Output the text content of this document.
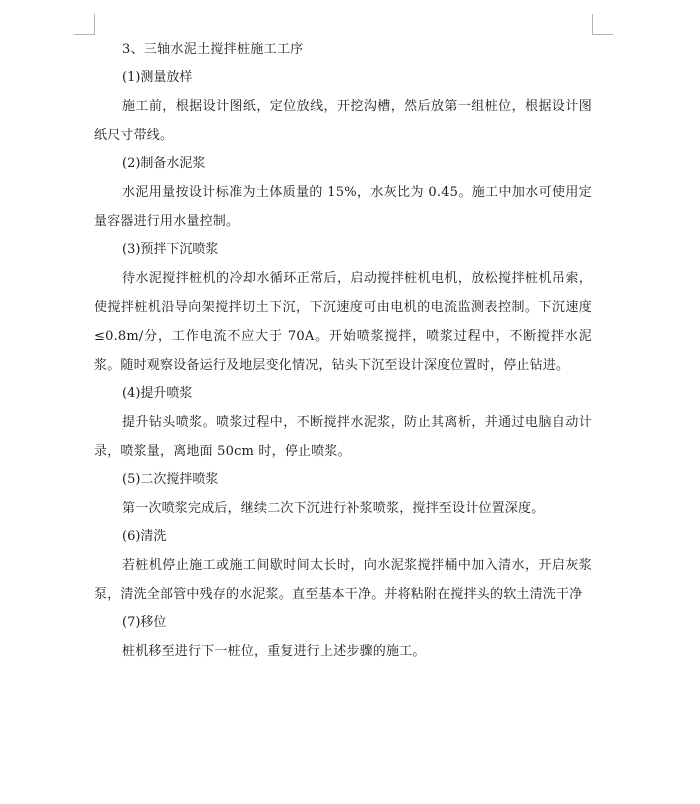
3、三轴水泥土搅拌桩施工工序

(1)测量放样

施工前，根据设计图纸，定位放线，开挖沟槽，然后放第一组桩位，根据设计图纸尺寸带线。

(2)制备水泥浆

水泥用量按设计标准为土体质量的 15%，水灰比为 0.45。施工中加水可使用定量容器进行用水量控制。

(3)预拌下沉喷浆

待水泥搅拌桩机的冷却水循环正常后，启动搅拌桩机电机，放松搅拌桩机吊索，使搅拌桩机沿导向架搅拌切土下沉，下沉速度可由电机的电流监测表控制。下沉速度≤0.8m/分，工作电流不应大于 70A。开始喷浆搅拌，喷浆过程中，不断搅拌水泥浆。随时观察设备运行及地层变化情况，钻头下沉至设计深度位置时，停止钻进。

(4)提升喷浆

提升钻头喷浆。喷浆过程中，不断搅拌水泥浆，防止其离析，并通过电脑自动计录，喷浆量，离地面 50cm 时，停止喷浆。

(5)二次搅拌喷浆

第一次喷浆完成后，继续二次下沉进行补浆喷浆，搅拌至设计位置深度。

(6)清洗

若桩机停止施工或施工间歇时间太长时，向水泥浆搅拌桶中加入清水，开启灰浆泵，清洗全部管中残存的水泥浆。直至基本干净。并将粘附在搅拌头的软土清洗干净

(7)移位

桩机移至进行下一桩位，重复进行上述步骤的施工。
